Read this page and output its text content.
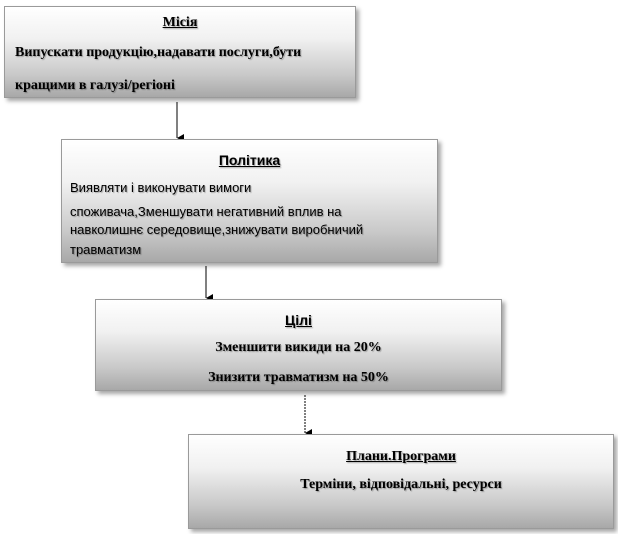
Місія
Випускати продукцію,надавати послуги,бути
кращими в галузі/регіоні
Політика
Виявляти і виконувати вимоги
споживача,Зменшувати негативний вплив на
навколишнє середовище,знижувати виробничий
травматизм
Цілі
Зменшити викиди на 20%
Знизити травматизм на 50%
Плани.Програми
Терміни, відповідальні, ресурси
